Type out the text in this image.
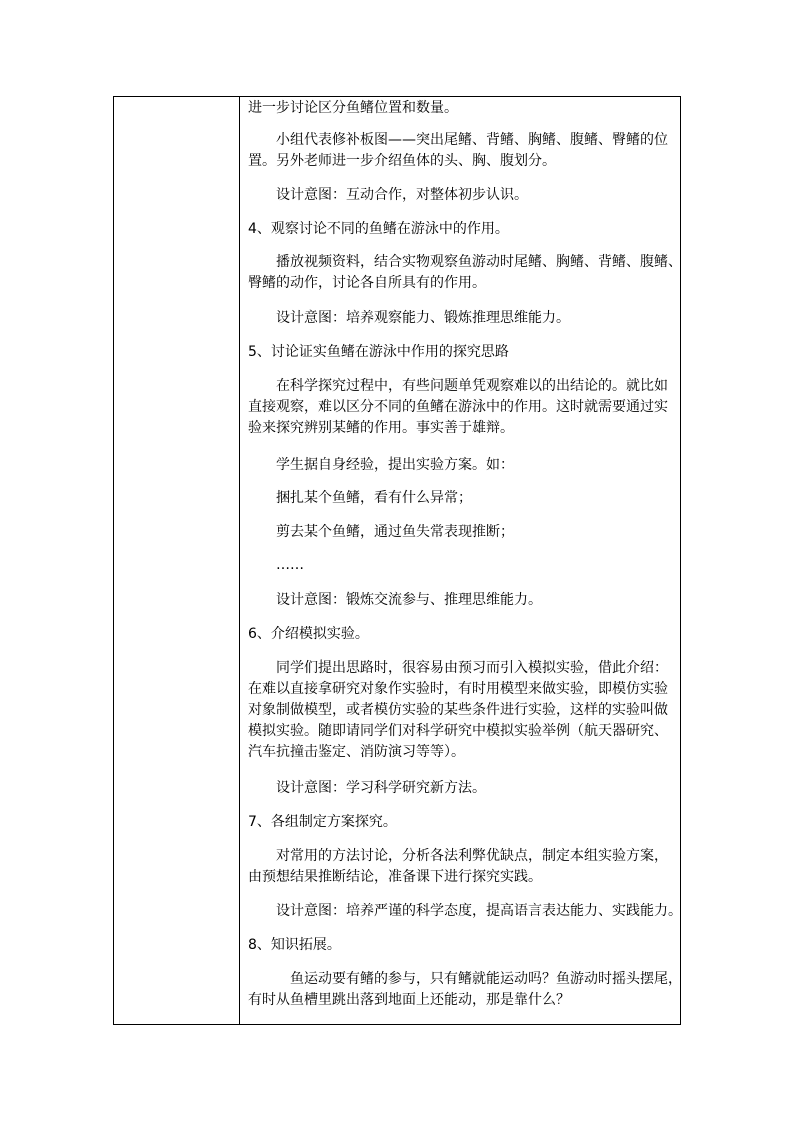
进一步讨论区分鱼鳍位置和数量。
小组代表修补板图——突出尾鳍、背鳍、胸鳍、腹鳍、臀鳍的位
置。另外老师进一步介绍鱼体的头、胸、腹划分。
设计意图：互动合作，对整体初步认识。
4、观察讨论不同的鱼鳍在游泳中的作用。
播放视频资料，结合实物观察鱼游动时尾鳍、胸鳍、背鳍、腹鳍、
臀鳍的动作，讨论各自所具有的作用。
设计意图：培养观察能力、锻炼推理思维能力。
5、讨论证实鱼鳍在游泳中作用的探究思路
在科学探究过程中，有些问题单凭观察难以的出结论的。就比如
直接观察，难以区分不同的鱼鳍在游泳中的作用。这时就需要通过实
验来探究辨别某鳍的作用。事实善于雄辩。
学生据自身经验，提出实验方案。如：
捆扎某个鱼鳍，看有什么异常；
剪去某个鱼鳍，通过鱼失常表现推断；
……
设计意图：锻炼交流参与、推理思维能力。
6、介绍模拟实验。
同学们提出思路时，很容易由预习而引入模拟实验，借此介绍：
在难以直接拿研究对象作实验时，有时用模型来做实验，即模仿实验
对象制做模型，或者模仿实验的某些条件进行实验，这样的实验叫做
模拟实验。随即请同学们对科学研究中模拟实验举例（航天器研究、
汽车抗撞击鉴定、消防演习等等）。
设计意图：学习科学研究新方法。
7、各组制定方案探究。
对常用的方法讨论，分析各法利弊优缺点，制定本组实验方案，
由预想结果推断结论，准备课下进行探究实践。
设计意图：培养严谨的科学态度，提高语言表达能力、实践能力。
8、知识拓展。
鱼运动要有鳍的参与，只有鳍就能运动吗？鱼游动时摇头摆尾，
有时从鱼槽里跳出落到地面上还能动，那是靠什么？
